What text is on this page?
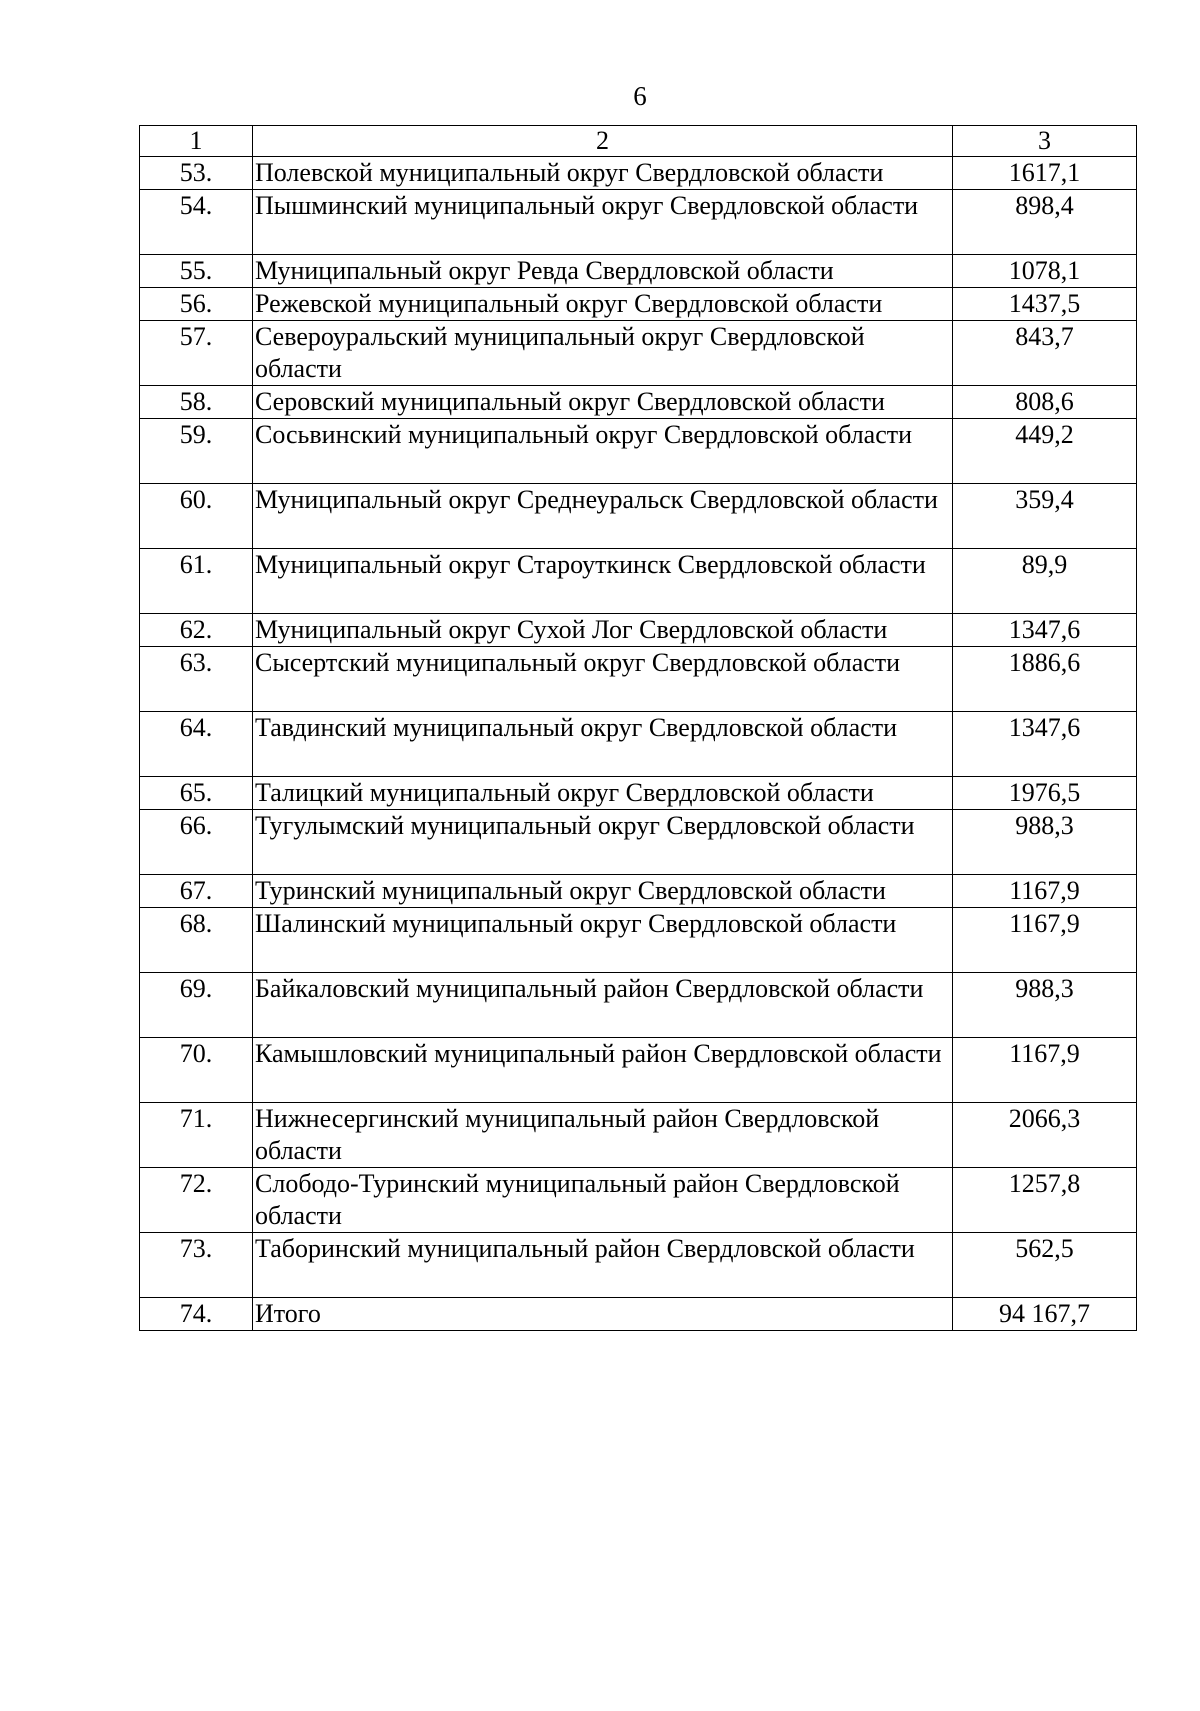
6
1	2	3
53.	Полевской муниципальный округ Свердловской области	1617,1
54.	Пышминский муниципальный округ Свердловской области	898,4
55.	Муниципальный округ Ревда Свердловской области	1078,1
56.	Режевской муниципальный округ Свердловской области	1437,5
57.	Североуральский муниципальный округ Свердловской области	843,7
58.	Серовский муниципальный округ Свердловской области	808,6
59.	Сосьвинский муниципальный округ Свердловской области	449,2
60.	Муниципальный округ Среднеуральск Свердловской области	359,4
61.	Муниципальный округ Староуткинск Свердловской области	89,9
62.	Муниципальный округ Сухой Лог Свердловской области	1347,6
63.	Сысертский муниципальный округ Свердловской области	1886,6
64.	Тавдинский муниципальный округ Свердловской области	1347,6
65.	Талицкий муниципальный округ Свердловской области	1976,5
66.	Тугулымский муниципальный округ Свердловской области	988,3
67.	Туринский муниципальный округ Свердловской области	1167,9
68.	Шалинский муниципальный округ Свердловской области	1167,9
69.	Байкаловский муниципальный район Свердловской области	988,3
70.	Камышловский муниципальный район Свердловской области	1167,9
71.	Нижнесергинский муниципальный район Свердловской области	2066,3
72.	Слободо-Туринский муниципальный район Свердловской области	1257,8
73.	Таборинский муниципальный район Свердловской области	562,5
74.	Итого	94 167,7
